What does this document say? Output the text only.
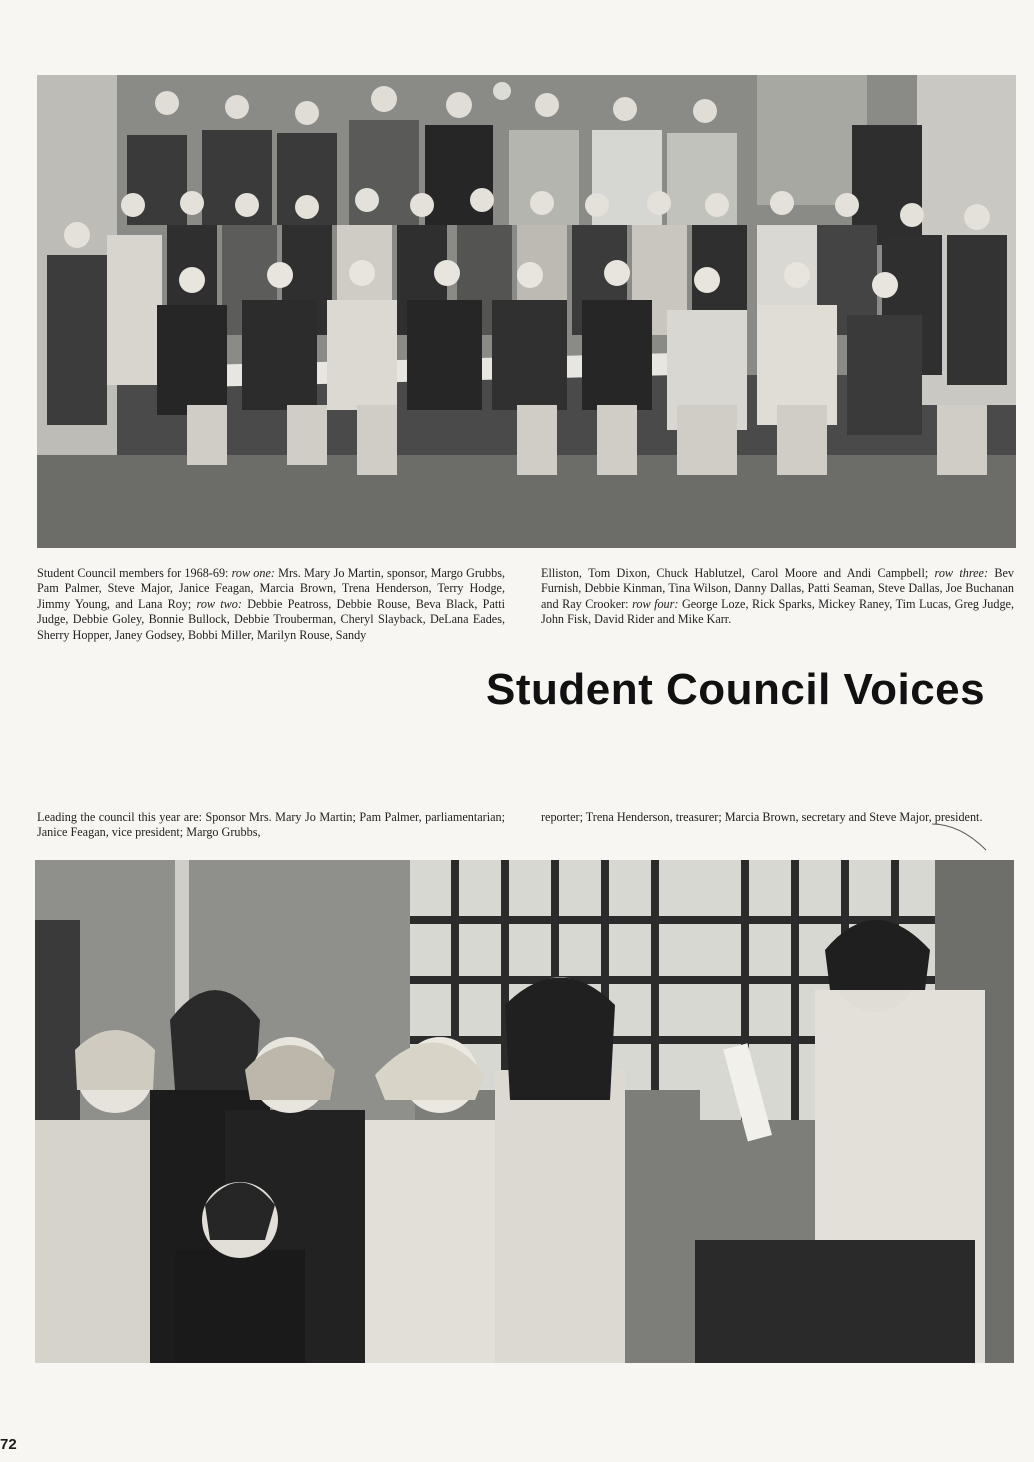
Student Council members for 1968-69: row one: Mrs. Mary Jo Martin, sponsor, Margo Grubbs, Pam Palmer, Steve Major, Janice Feagan, Marcia Brown, Trena Henderson, Terry Hodge, Jimmy Young, and Lana Roy; row two: Debbie Peatross, Debbie Rouse, Beva Black, Patti Judge, Debbie Goley, Bonnie Bullock, Debbie Trouberman, Cheryl Slayback, DeLana Eades, Sherry Hopper, Janey Godsey, Bobbi Miller, Marilyn Rouse, Sandy
Elliston, Tom Dixon, Chuck Hablutzel, Carol Moore and Andi Campbell; row three: Bev Furnish, Debbie Kinman, Tina Wilson, Danny Dallas, Patti Seaman, Steve Dallas, Joe Buchanan and Ray Crooker: row four: George Loze, Rick Sparks, Mickey Raney, Tim Lucas, Greg Judge, John Fisk, David Rider and Mike Karr.
Student Council Voices
Leading the council this year are: Sponsor Mrs. Mary Jo Martin; Pam Palmer, parliamentarian; Janice Feagan, vice president; Margo Grubbs,
reporter; Trena Henderson, treasurer; Marcia Brown, secretary and Steve Major, president.
72
